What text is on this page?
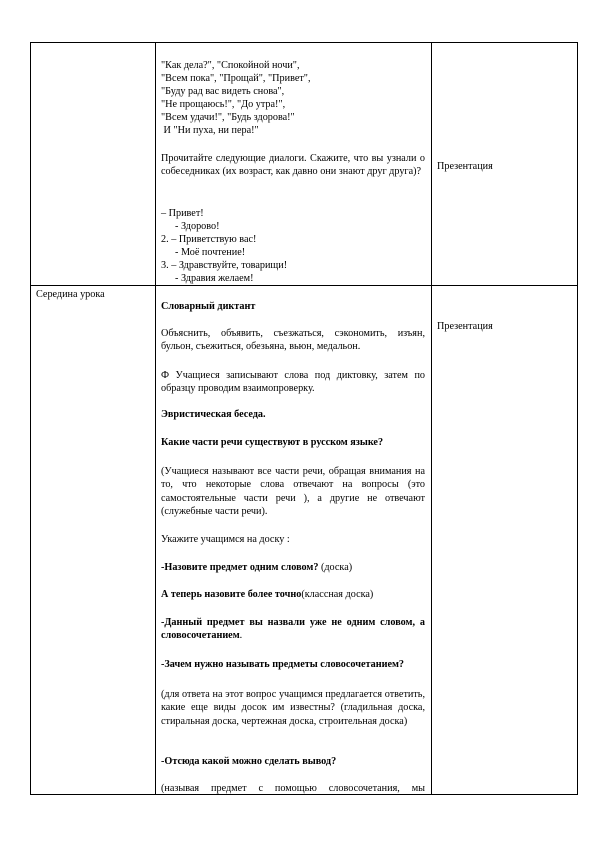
"Как дела?", "Спокойной ночи",
"Всем пока", "Прощай", "Привет",
"Буду рад вас видеть снова",
"Не прощаюсь!", "До утра!",
"Всем удачи!", "Будь здорова!"
И "Ни пуха, ни пера!"
Прочитайте следующие диалоги. Скажите, что вы узнали о собеседниках (их возраст, как давно они знают друг друга)?
– Привет!
- Здорово!
2. – Приветствую вас!
- Моё почтение!
3. – Здравствуйте, товарищи!
- Здравия желаем!
Презентация
Середина урока
Презентация
Словарный диктант
Объяснить, объявить, съезжаться, сэкономить, изъян, бульон, съежиться, обезьяна, вьюн, медальон.
Ф Учащиеся записывают слова под диктовку, затем по образцу проводим взаимопроверку.
Эвристическая беседа.
Какие части речи существуют в русском языке?
(Учащиеся называют все части речи, обращая внимания на то, что некоторые слова отвечают на вопросы (это самостоятельные части речи ), а другие не отвечают (служебные части речи).
Укажите учащимся на доску :
-Назовите предмет одним словом? (доска)
А теперь назовите более точно(классная доска)
-Данный предмет вы назвали уже не одним словом, а словосочетанием.
-Зачем нужно называть предметы словосочетанием?
(для ответа на этот вопрос учащимся предлагается ответить, какие еще виды досок им известны? (гладильная доска, стиральная доска, чертежная доска, строительная доска)
-Отсюда какой можно сделать вывод?
(называя предмет с помощью словосочетания, мы
